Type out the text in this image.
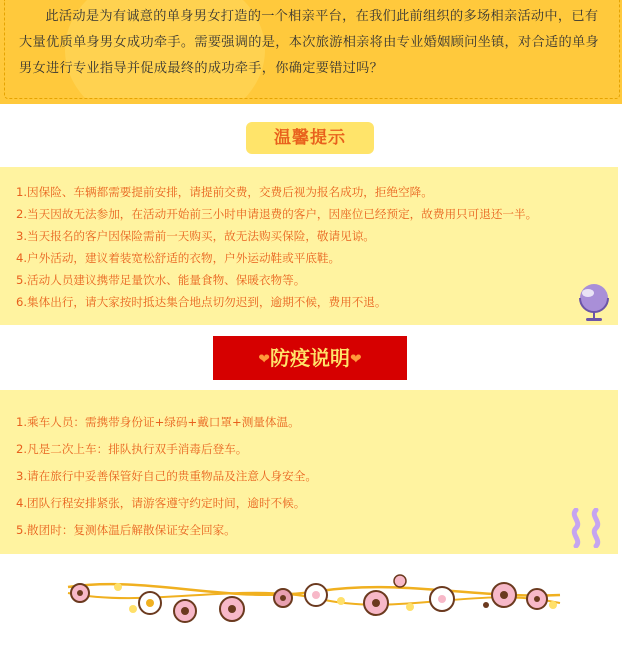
此活动是为有诚意的单身男女打造的一个相亲平台，在我们此前组织的多场相亲活动中，已有大量优质单身男女成功牵手。需要强调的是，本次旅游相亲将由专业婚姻顾问坐镇，对合适的单身男女进行专业指导并促成最终的成功牵手，你确定要错过吗？
温馨提示
1.因保险、车辆都需要提前安排，请提前交费，交费后视为报名成功，拒绝空降。
2.当天因故无法参加，在活动开始前三小时申请退费的客户，因座位已经预定，故费用只可退还一半。
3.当天报名的客户因保险需前一天购买，故无法购买保险，敬请见谅。
4.户外活动，建议着装宽松舒适的衣物，户外运动鞋或平底鞋。
5.活动人员建议携带足量饮水、能量食物、保暖衣物等。
6.集体出行，请大家按时抵达集合地点切勿迟到，逾期不候，费用不退。
❤防疫说明❤
1.乘车人员：需携带身份证+绿码+戴口罩+测量体温。
2.凡是二次上车：排队执行双手消毒后登车。
3.请在旅行中妥善保管好自己的贵重物品及注意人身安全。
4.团队行程安排紧张，请游客遵守约定时间，逾时不候。
5.散团时：复测体温后解散保证安全回家。
